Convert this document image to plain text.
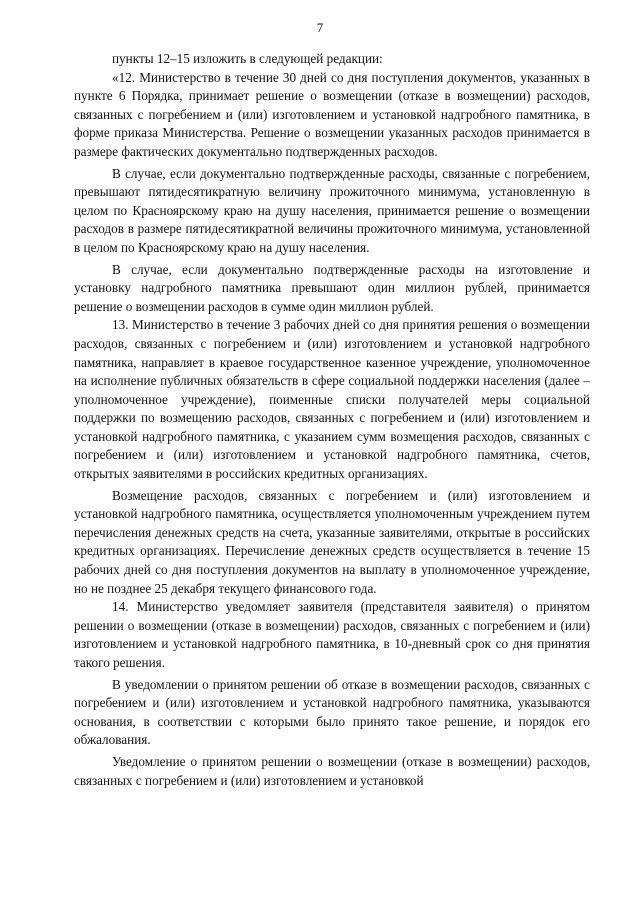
7

пункты 12–15 изложить в следующей редакции:

«12. Министерство в течение 30 дней со дня поступления документов, указанных в пункте 6 Порядка, принимает решение о возмещении (отказе в возмещении) расходов, связанных с погребением и (или) изготовлением и установкой надгробного памятника, в форме приказа Министерства. Решение о возмещении указанных расходов принимается в размере фактических документально подтвержденных расходов.

В случае, если документально подтвержденные расходы, связанные с погребением, превышают пятидесятикратную величину прожиточного минимума, установленную в целом по Красноярскому краю на душу населения, принимается решение о возмещении расходов в размере пятидесятикратной величины прожиточного минимума, установленной в целом по Красноярскому краю на душу населения.

В случае, если документально подтвержденные расходы на изготовление и установку надгробного памятника превышают один миллион рублей, принимается решение о возмещении расходов в сумме один миллион рублей.

13. Министерство в течение 3 рабочих дней со дня принятия решения о возмещении расходов, связанных с погребением и (или) изготовлением и установкой надгробного памятника, направляет в краевое государственное казенное учреждение, уполномоченное на исполнение публичных обязательств в сфере социальной поддержки населения (далее – уполномоченное учреждение), поименные списки получателей меры социальной поддержки по возмещению расходов, связанных с погребением и (или) изготовлением и установкой надгробного памятника, с указанием сумм возмещения расходов, связанных с погребением и (или) изготовлением и установкой надгробного памятника, счетов, открытых заявителями в российских кредитных организациях.

Возмещение расходов, связанных с погребением и (или) изготовлением и установкой надгробного памятника, осуществляется уполномоченным учреждением путем перечисления денежных средств на счета, указанные заявителями, открытые в российских кредитных организациях. Перечисление денежных средств осуществляется в течение 15 рабочих дней со дня поступления документов на выплату в уполномоченное учреждение, но не позднее 25 декабря текущего финансового года.

14. Министерство уведомляет заявителя (представителя заявителя) о принятом решении о возмещении (отказе в возмещении) расходов, связанных с погребением и (или) изготовлением и установкой надгробного памятника, в 10-дневный срок со дня принятия такого решения.

В уведомлении о принятом решении об отказе в возмещении расходов, связанных с погребением и (или) изготовлением и установкой надгробного памятника, указываются основания, в соответствии с которыми было принято такое решение, и порядок его обжалования.

Уведомление о принятом решении о возмещении (отказе в возмещении) расходов, связанных с погребением и (или) изготовлением и установкой
